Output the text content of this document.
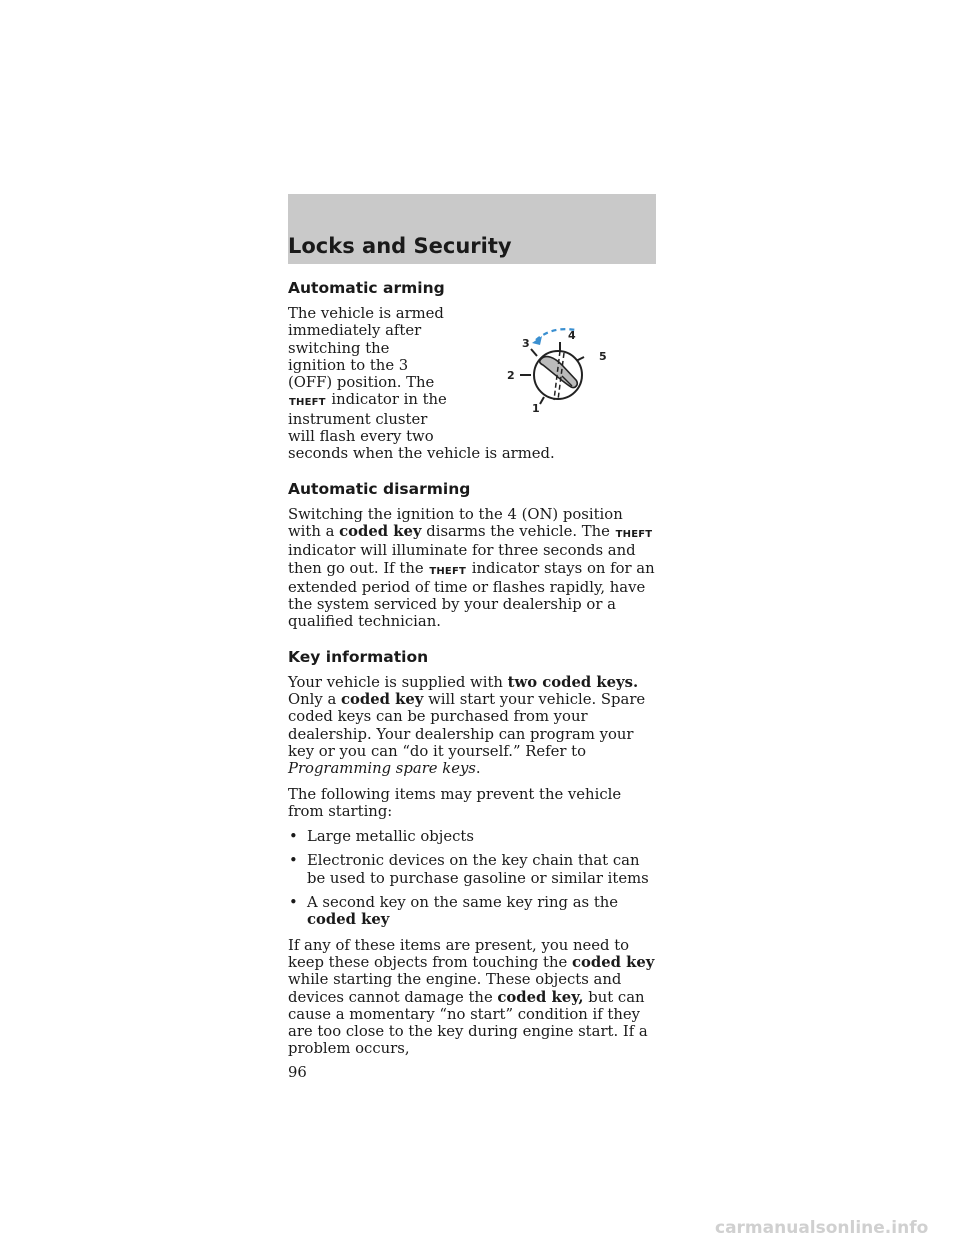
Locks and Security
Automatic arming

The vehicle is armed immediately after switching the ignition to the 3 (OFF) position. The THEFT indicator in the instrument cluster will flash every two

seconds when the vehicle is armed.

1
2
3
4
5
Automatic disarming

Switching the ignition to the 4 (ON) position with a coded key disarms the vehicle. The THEFT indicator will illuminate for three seconds and then go out. If the THEFT indicator stays on for an extended period of time or flashes rapidly, have the system serviced by your dealership or a qualified technician.

Key information

Your vehicle is supplied with two coded keys. Only a coded key will start your vehicle. Spare coded keys can be purchased from your dealership. Your dealership can program your key or you can “do it yourself.” Refer to Programming spare keys.

The following items may prevent the vehicle from starting:

• Large metallic objects
• Electronic devices on the key chain that can be used to purchase gasoline or similar items
• A second key on the same key ring as the coded key

If any of these items are present, you need to keep these objects from touching the coded key while starting the engine. These objects and devices cannot damage the coded key, but can cause a momentary “no start” condition if they are too close to the key during engine start. If a problem occurs,

96
carmanualsonline.info
